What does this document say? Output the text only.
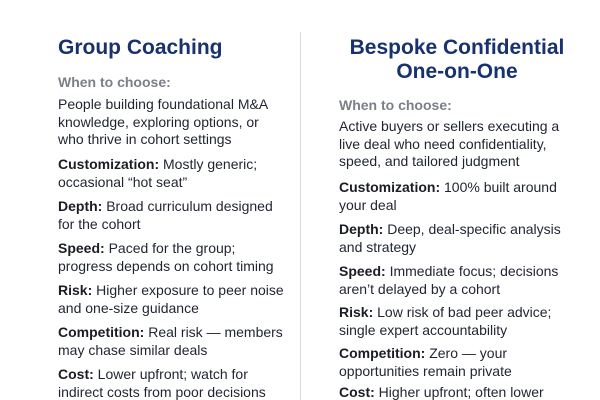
Group Coaching

When to choose:

People building foundational M&A knowledge, exploring options, or who thrive in cohort settings

Customization: Mostly generic; occasional “hot seat”

Depth: Broad curriculum designed for the cohort

Speed: Paced for the group; progress depends on cohort timing

Risk: Higher exposure to peer noise and one-size guidance

Competition: Real risk — members may chase similar deals

Cost: Lower upfront; watch for indirect costs from poor decisions

Bespoke Confidential
One-on-One

When to choose:

Active buyers or sellers executing a live deal who need confidentiality, speed, and tailored judgment

Customization: 100% built around your deal

Depth: Deep, deal-specific analysis and strategy

Speed: Immediate focus; decisions aren’t delayed by a cohort

Risk: Low risk of bad peer advice; single expert accountability

Competition: Zero — your opportunities remain private

Cost: Higher upfront; often lower
